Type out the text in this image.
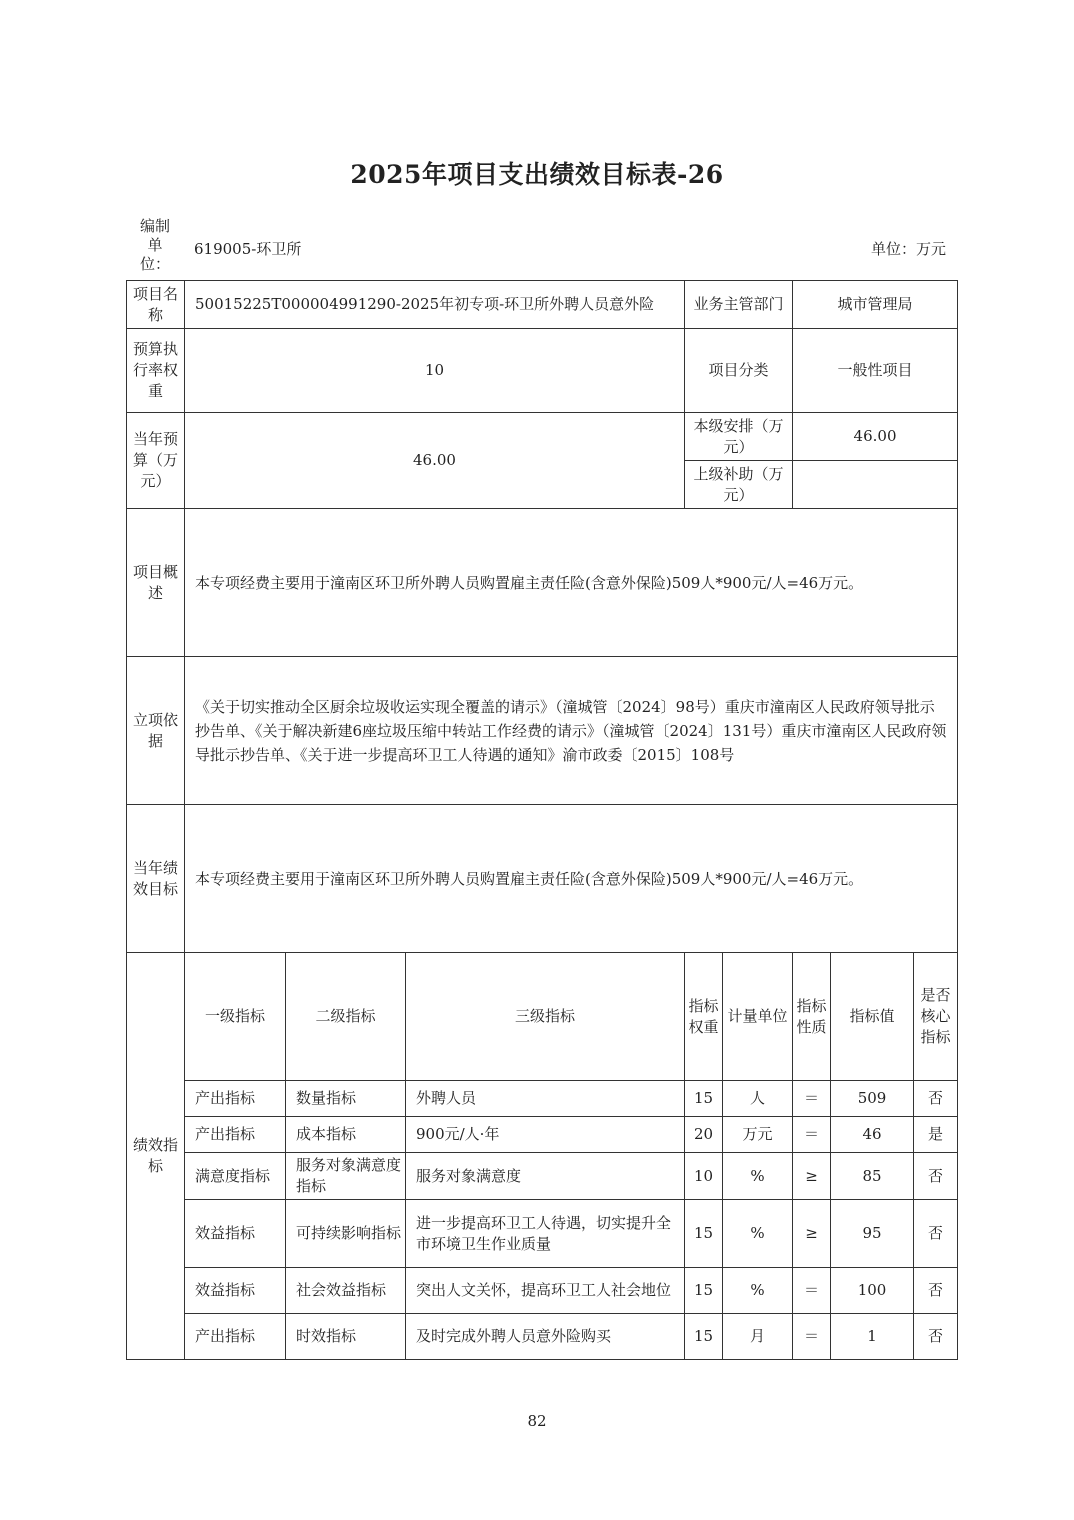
2025年项目支出绩效目标表-26
编制单位：
619005-环卫所	单位：万元
项目名称	50015225T000004991290-2025年初专项-环卫所外聘人员意外险			业务主管部门		城市管理局		
预算执行率权重	10			项目分类		一般性项目		
当年预算（万元）	46.00			本级安排（万元）		46.00		
				上级补助（万元）				
项目概述	本专项经费主要用于潼南区环卫所外聘人员购置雇主责任险(含意外保险)509人*900元/人=46万元。							
立项依据	《关于切实推动全区厨余垃圾收运实现全覆盖的请示》（潼城管〔2024〕98号）重庆市潼南区人民政府领导批示抄告单、《关于解决新建6座垃圾压缩中转站工作经费的请示》（潼城管〔2024〕131号）重庆市潼南区人民政府领导批示抄告单、《关于进一步提高环卫工人待遇的通知》渝市政委〔2015〕108号							
当年绩效目标	本专项经费主要用于潼南区环卫所外聘人员购置雇主责任险(含意外保险)509人*900元/人=46万元。							
绩效指标	一级指标	二级指标	三级指标	指标权重	计量单位	指标性质	指标值	是否核心指标
	产出指标	数量指标	外聘人员	15	人	＝	509	否
	产出指标	成本指标	900元/人·年	20	万元	＝	46	是
	满意度指标	服务对象满意度指标	服务对象满意度	10	%	≥	85	否
	效益指标	可持续影响指标	进一步提高环卫工人待遇，切实提升全市环境卫生作业质量	15	%	≥	95	否
	效益指标	社会效益指标	突出人文关怀，提高环卫工人社会地位	15	%	＝	100	否
	产出指标	时效指标	及时完成外聘人员意外险购买	15	月	＝	1	否
82
